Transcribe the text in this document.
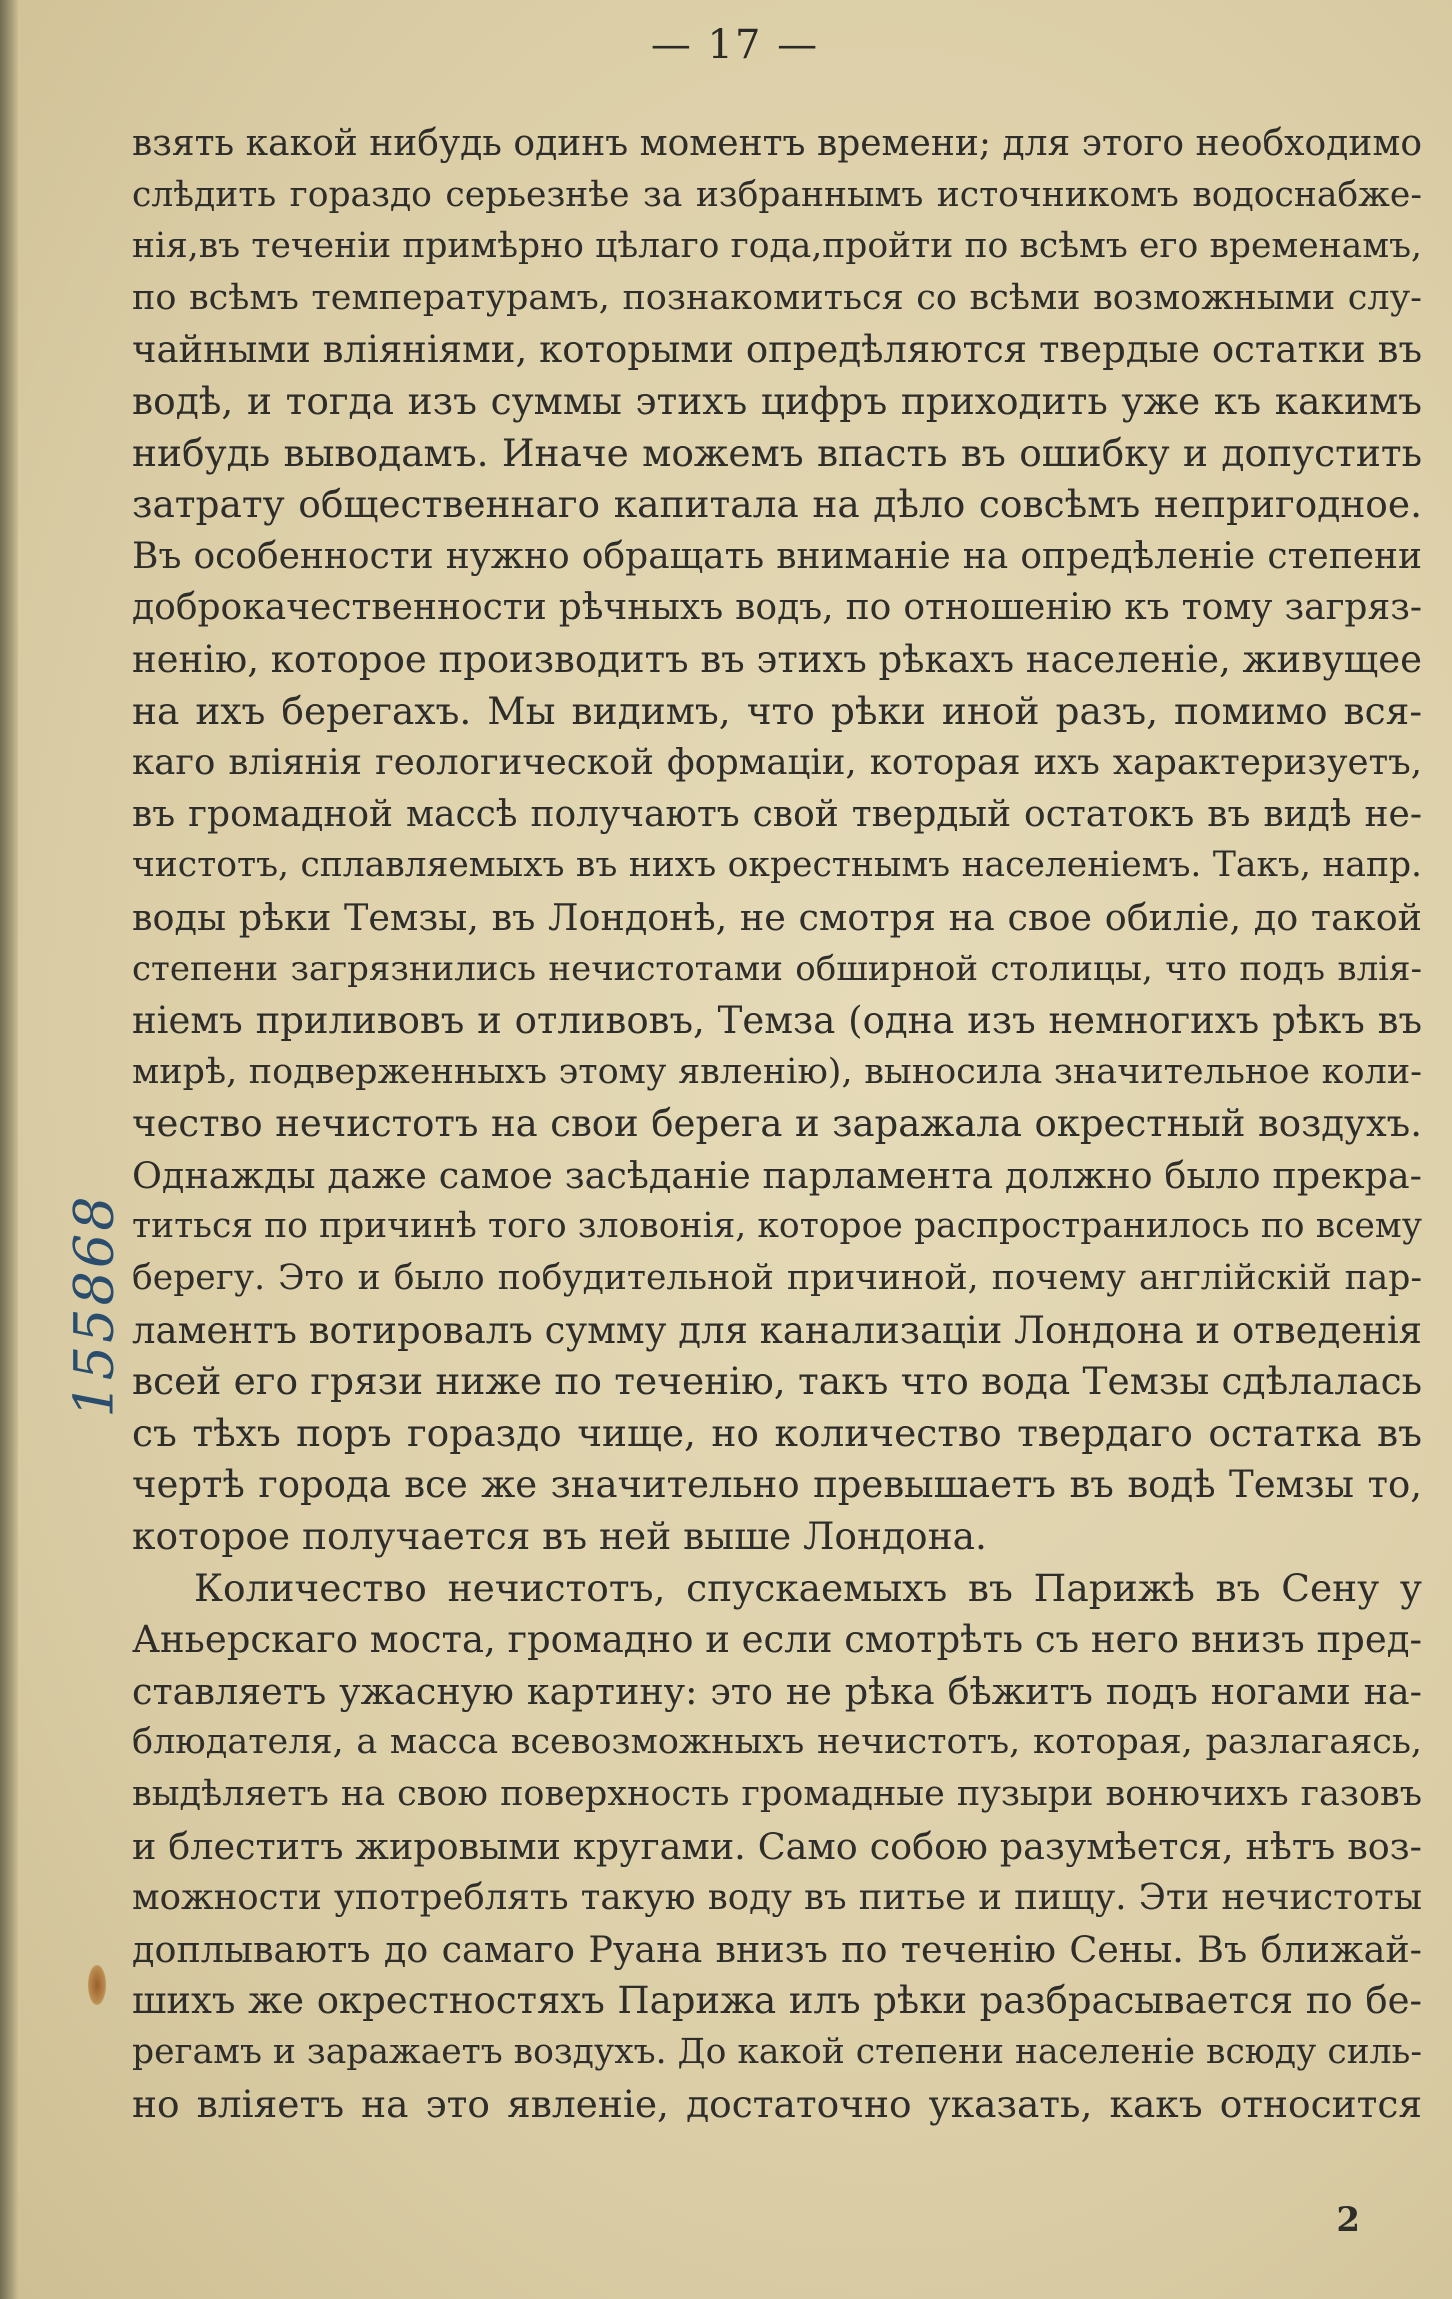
— 17 —
взять какой нибудь одинъ моментъ времени; для этого необходимо
слѣдить гораздо серьезнѣе за избраннымъ источникомъ водоснабже-
нія,въ теченіи примѣрно цѣлаго года,пройти по всѣмъ его временамъ,
по всѣмъ температурамъ, познакомиться со всѣми возможными слу-
чайными вліяніями, которыми опредѣляются твердые остатки въ
водѣ, и тогда изъ суммы этихъ цифръ приходить уже къ какимъ
нибудь выводамъ. Иначе можемъ впасть въ ошибку и допустить
затрату общественнаго капитала на дѣло совсѣмъ непригодное.
Въ особенности нужно обращать вниманіе на опредѣленіе степени
доброкачественности рѣчныхъ водъ, по отношенію къ тому загряз-
ненію, которое производитъ въ этихъ рѣкахъ населеніе, живущее
на ихъ берегахъ. Мы видимъ, что рѣки иной разъ, помимо вся-
каго вліянія геологической формаціи, которая ихъ характеризуетъ,
въ громадной массѣ получаютъ свой твердый остатокъ въ видѣ не-
чистотъ, сплавляемыхъ въ нихъ окрестнымъ населеніемъ. Такъ, напр.
воды рѣки Темзы, въ Лондонѣ, не смотря на свое обиліе, до такой
степени загрязнились нечистотами обширной столицы, что подъ влія-
ніемъ приливовъ и отливовъ, Темза (одна изъ немногихъ рѣкъ въ
мирѣ, подверженныхъ этому явленію), выносила значительное коли-
чество нечистотъ на свои берега и заражала окрестный воздухъ.
Однажды даже самое засѣданіе парламента должно было прекра-
титься по причинѣ того зловонія, которое распространилось по всему
берегу. Это и было побудительной причиной, почему англійскій пар-
ламентъ вотировалъ сумму для канализаціи Лондона и отведенія
всей его грязи ниже по теченію, такъ что вода Темзы сдѣлалась
съ тѣхъ поръ гораздо чище, но количество твердаго остатка въ
чертѣ города все же значительно превышаетъ въ водѣ Темзы то,
которое получается въ ней выше Лондона.
Количество нечистотъ, спускаемыхъ въ Парижѣ въ Сену у
Аньерскаго моста, громадно и если смотрѣть съ него внизъ пред-
ставляетъ ужасную картину: это не рѣка бѣжитъ подъ ногами на-
блюдателя, а масса всевозможныхъ нечистотъ, которая, разлагаясь,
выдѣляетъ на свою поверхность громадные пузыри вонючихъ газовъ
и блеститъ жировыми кругами. Само собою разумѣется, нѣтъ воз-
можности употреблять такую воду въ питье и пищу. Эти нечистоты
доплываютъ до самаго Руана внизъ по теченію Сены. Въ ближай-
шихъ же окрестностяхъ Парижа илъ рѣки разбрасывается по бе-
регамъ и заражаетъ воздухъ. До какой степени населеніе всюду силь-
но вліяетъ на это явленіе, достаточно указать, какъ относится
155868
2
